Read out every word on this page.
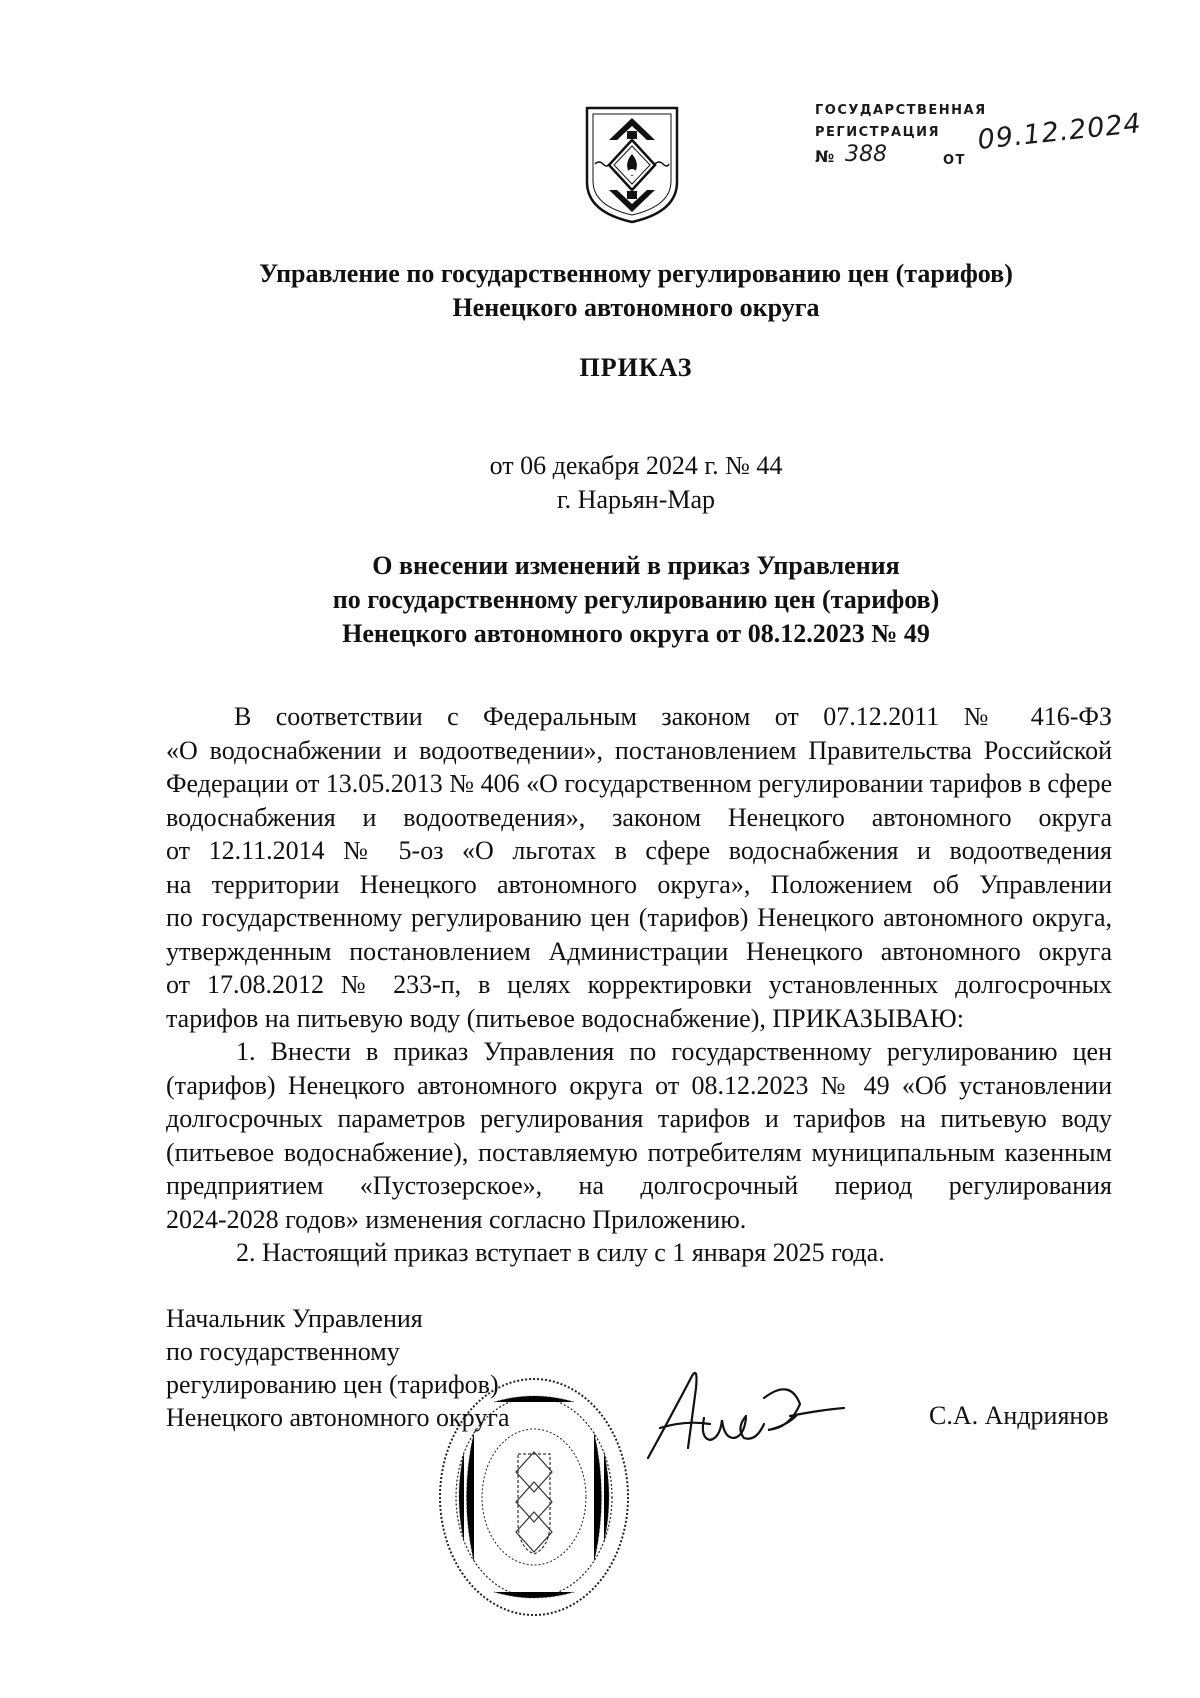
ГОСУДАРСТВЕННАЯ
РЕГИСТРАЦИЯ
№ 388	ОТ
09.12.2024
Управление по государственному регулированию цен (тарифов)
Ненецкого автономного округа
ПРИКАЗ
от 06 декабря 2024 г. № 44
г. Нарьян-Мар
О внесении изменений в приказ Управления
по государственному регулированию цен (тарифов)
Ненецкого автономного округа от 08.12.2023 № 49
В соответствии с Федеральным законом от 07.12.2011 № 416-ФЗ
«О водоснабжении и водоотведении», постановлением Правительства Российской
Федерации от 13.05.2013 № 406 «О государственном регулировании тарифов в сфере
водоснабжения и водоотведения», законом Ненецкого автономного округа
от 12.11.2014 № 5-оз «О льготах в сфере водоснабжения и водоотведения
на территории Ненецкого автономного округа», Положением об Управлении
по государственному регулированию цен (тарифов) Ненецкого автономного округа,
утвержденным постановлением Администрации Ненецкого автономного округа
от 17.08.2012 № 233-п, в целях корректировки установленных долгосрочных
тарифов на питьевую воду (питьевое водоснабжение), ПРИКАЗЫВАЮ:
1. Внести в приказ Управления по государственному регулированию цен
(тарифов) Ненецкого автономного округа от 08.12.2023 № 49 «Об установлении
долгосрочных параметров регулирования тарифов и тарифов на питьевую воду
(питьевое водоснабжение), поставляемую потребителям муниципальным казенным
предприятием «Пустозерское», на долгосрочный период регулирования
2024-2028 годов» изменения согласно Приложению.
2. Настоящий приказ вступает в силу с 1 января 2025 года.
Начальник Управления
по государственному
регулированию цен (тарифов)
Ненецкого автономного округа	С.А. Андриянов
